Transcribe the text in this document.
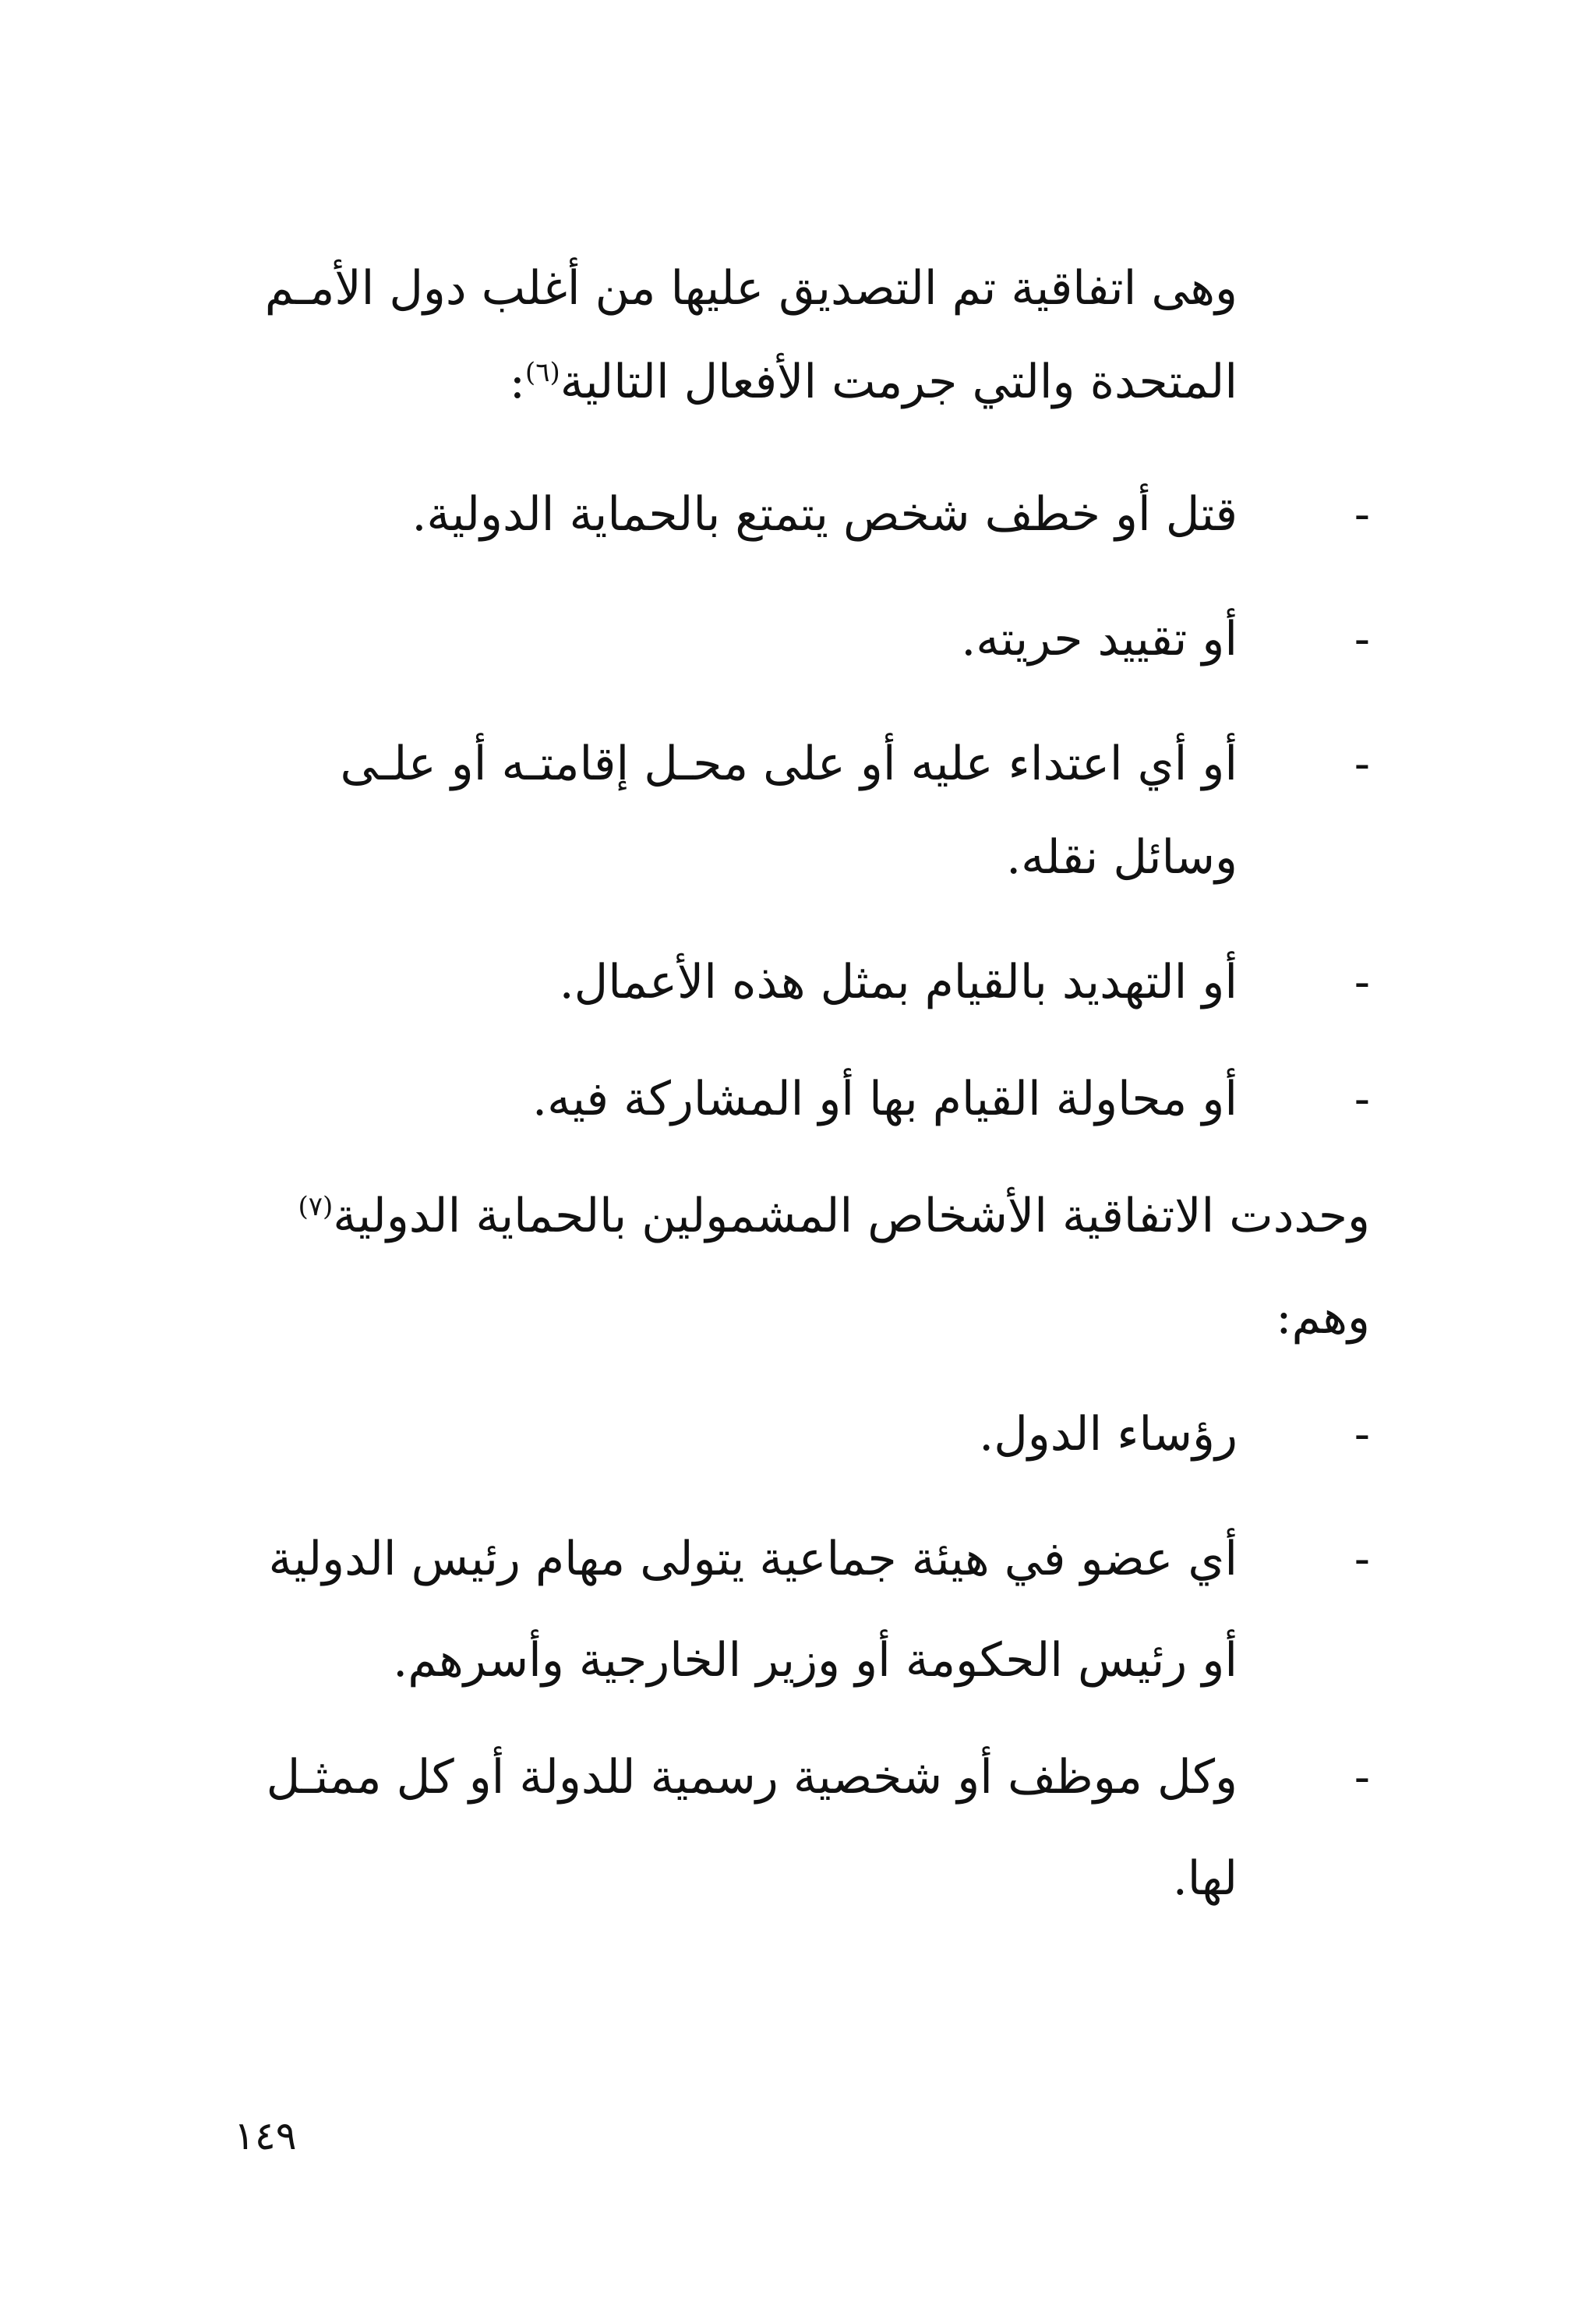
وهى اتفاقية تم التصديق عليها من أغلب دول الأمـم

المتحدة والتي جرمت الأفعال التالية$^{(٦)}$:

-
قتل أو خطف شخص يتمتع بالحماية الدولية.
-
أو تقييد حريته.
-
أو أي اعتداء عليه أو على محـل إقامتـه أو علـى
وسائل نقله.
-
أو التهديد بالقيام بمثل هذه الأعمال.
-
أو محاولة القيام بها أو المشاركة فيه.

وحددت الاتفاقية الأشخاص المشمولين بالحماية الدولية$^{(٧)}$

وهم:

-
رؤساء الدول.
-
أي عضو في هيئة جماعية يتولى مهام رئيس الدولية
أو رئيس الحكومة أو وزير الخارجية وأسرهم.
-
وكل موظف أو شخصية رسمية للدولة أو كل ممثـل
لها.
١٤٩
